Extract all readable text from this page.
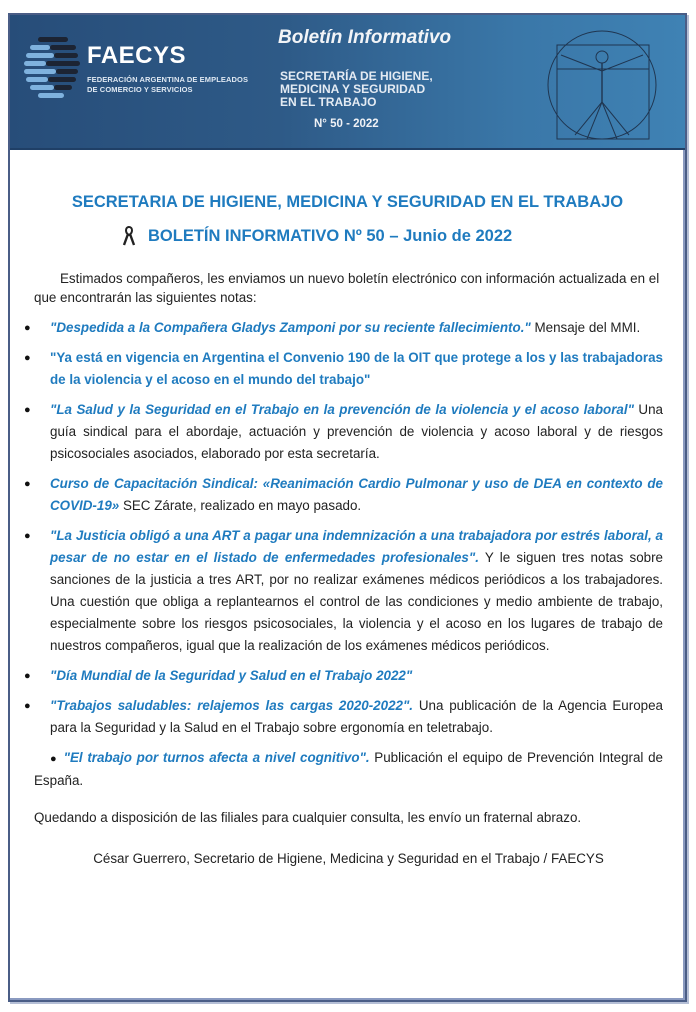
FAECYS
FEDERACIÓN ARGENTINA DE EMPLEADOS
DE COMERCIO Y SERVICIOS
Boletín Informativo
SECRETARÍA DE HIGIENE,
MEDICINA Y SEGURIDAD
EN EL TRABAJO
N° 50 - 2022
SECRETARIA DE HIGIENE, MEDICINA Y SEGURIDAD EN EL TRABAJO
BOLETÍN INFORMATIVO Nº 50 – Junio de 2022
Estimados compañeros, les enviamos un nuevo boletín electrónico con información actualizada en el que encontrarán las siguientes notas:
● "Despedida a la Compañera Gladys Zamponi por su reciente fallecimiento." Mensaje del MMI.
● "Ya está en vigencia en Argentina el Convenio 190 de la OIT que protege a los y las trabajadoras de la violencia y el acoso en el mundo del trabajo"
● "La Salud y la Seguridad en el Trabajo en la prevención de la violencia y el acoso laboral" Una guía sindical para el abordaje, actuación y prevención de violencia y acoso laboral y de riesgos psicosociales asociados, elaborado por esta secretaría.
● Curso de Capacitación Sindical: «Reanimación Cardio Pulmonar y uso de DEA en contexto de COVID-19» SEC Zárate, realizado en mayo pasado.
● "La Justicia obligó a una ART a pagar una indemnización a una trabajadora por estrés laboral, a pesar de no estar en el listado de enfermedades profesionales". Y le siguen tres notas sobre sanciones de la justicia a tres ART, por no realizar exámenes médicos periódicos a los trabajadores. Una cuestión que obliga a replantearnos el control de las condiciones y medio ambiente de trabajo, especialmente sobre los riesgos psicosociales, la violencia y el acoso en los lugares de trabajo de nuestros compañeros, igual que la realización de los exámenes médicos periódicos.
● "Día Mundial de la Seguridad y Salud en el Trabajo 2022"
● "Trabajos saludables: relajemos las cargas 2020-2022". Una publicación de la Agencia Europea para la Seguridad y la Salud en el Trabajo sobre ergonomía en teletrabajo.
● "El trabajo por turnos afecta a nivel cognitivo". Publicación el equipo de Prevención Integral de España.
Quedando a disposición de las filiales para cualquier consulta, les envío un fraternal abrazo.
César Guerrero, Secretario de Higiene, Medicina y Seguridad en el Trabajo / FAECYS
